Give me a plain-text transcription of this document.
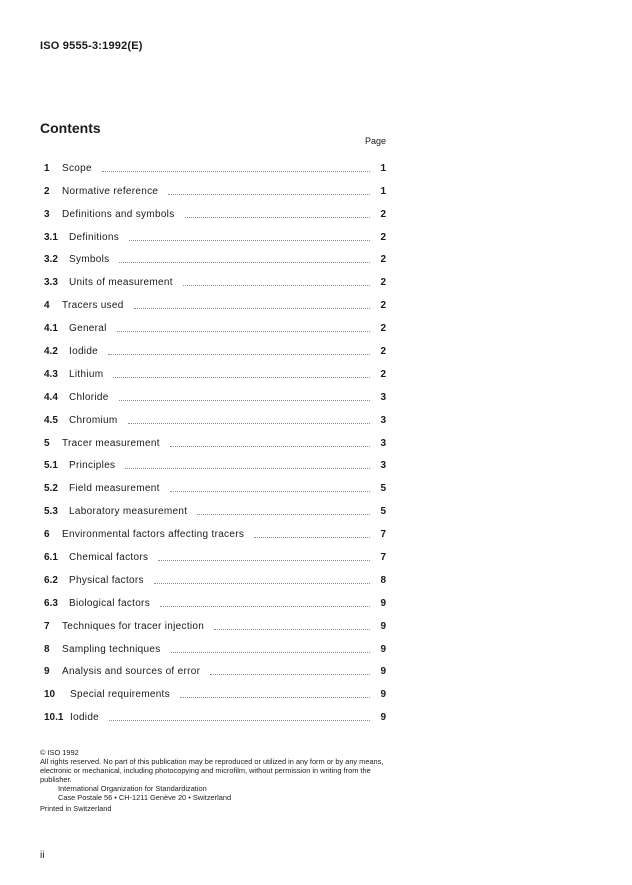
ISO 9555-3:1992(E)
Contents
Page
1	Scope	1
2	Normative reference	1
3	Definitions and symbols	2
3.1	Definitions	2
3.2	Symbols	2
3.3	Units of measurement	2
4	Tracers used	2
4.1	General	2
4.2	Iodide	2
4.3	Lithium	2
4.4	Chloride	3
4.5	Chromium	3
5	Tracer measurement	3
5.1	Principles	3
5.2	Field measurement	5
5.3	Laboratory measurement	5
6	Environmental factors affecting tracers	7
6.1	Chemical factors	7
6.2	Physical factors	8
6.3	Biological factors	9
7	Techniques for tracer injection	9
8	Sampling techniques	9
9	Analysis and sources of error	9
10	Special requirements	9
10.1 Iodide	9
© ISO 1992
All rights reserved. No part of this publication may be reproduced or utilized in any form or by any means, electronic or mechanical, including photocopying and microfilm, without permission in writing from the publisher.
International Organization for Standardization
Case Postale 56 • CH-1211 Genève 20 • Switzerland
Printed in Switzerland
ii
